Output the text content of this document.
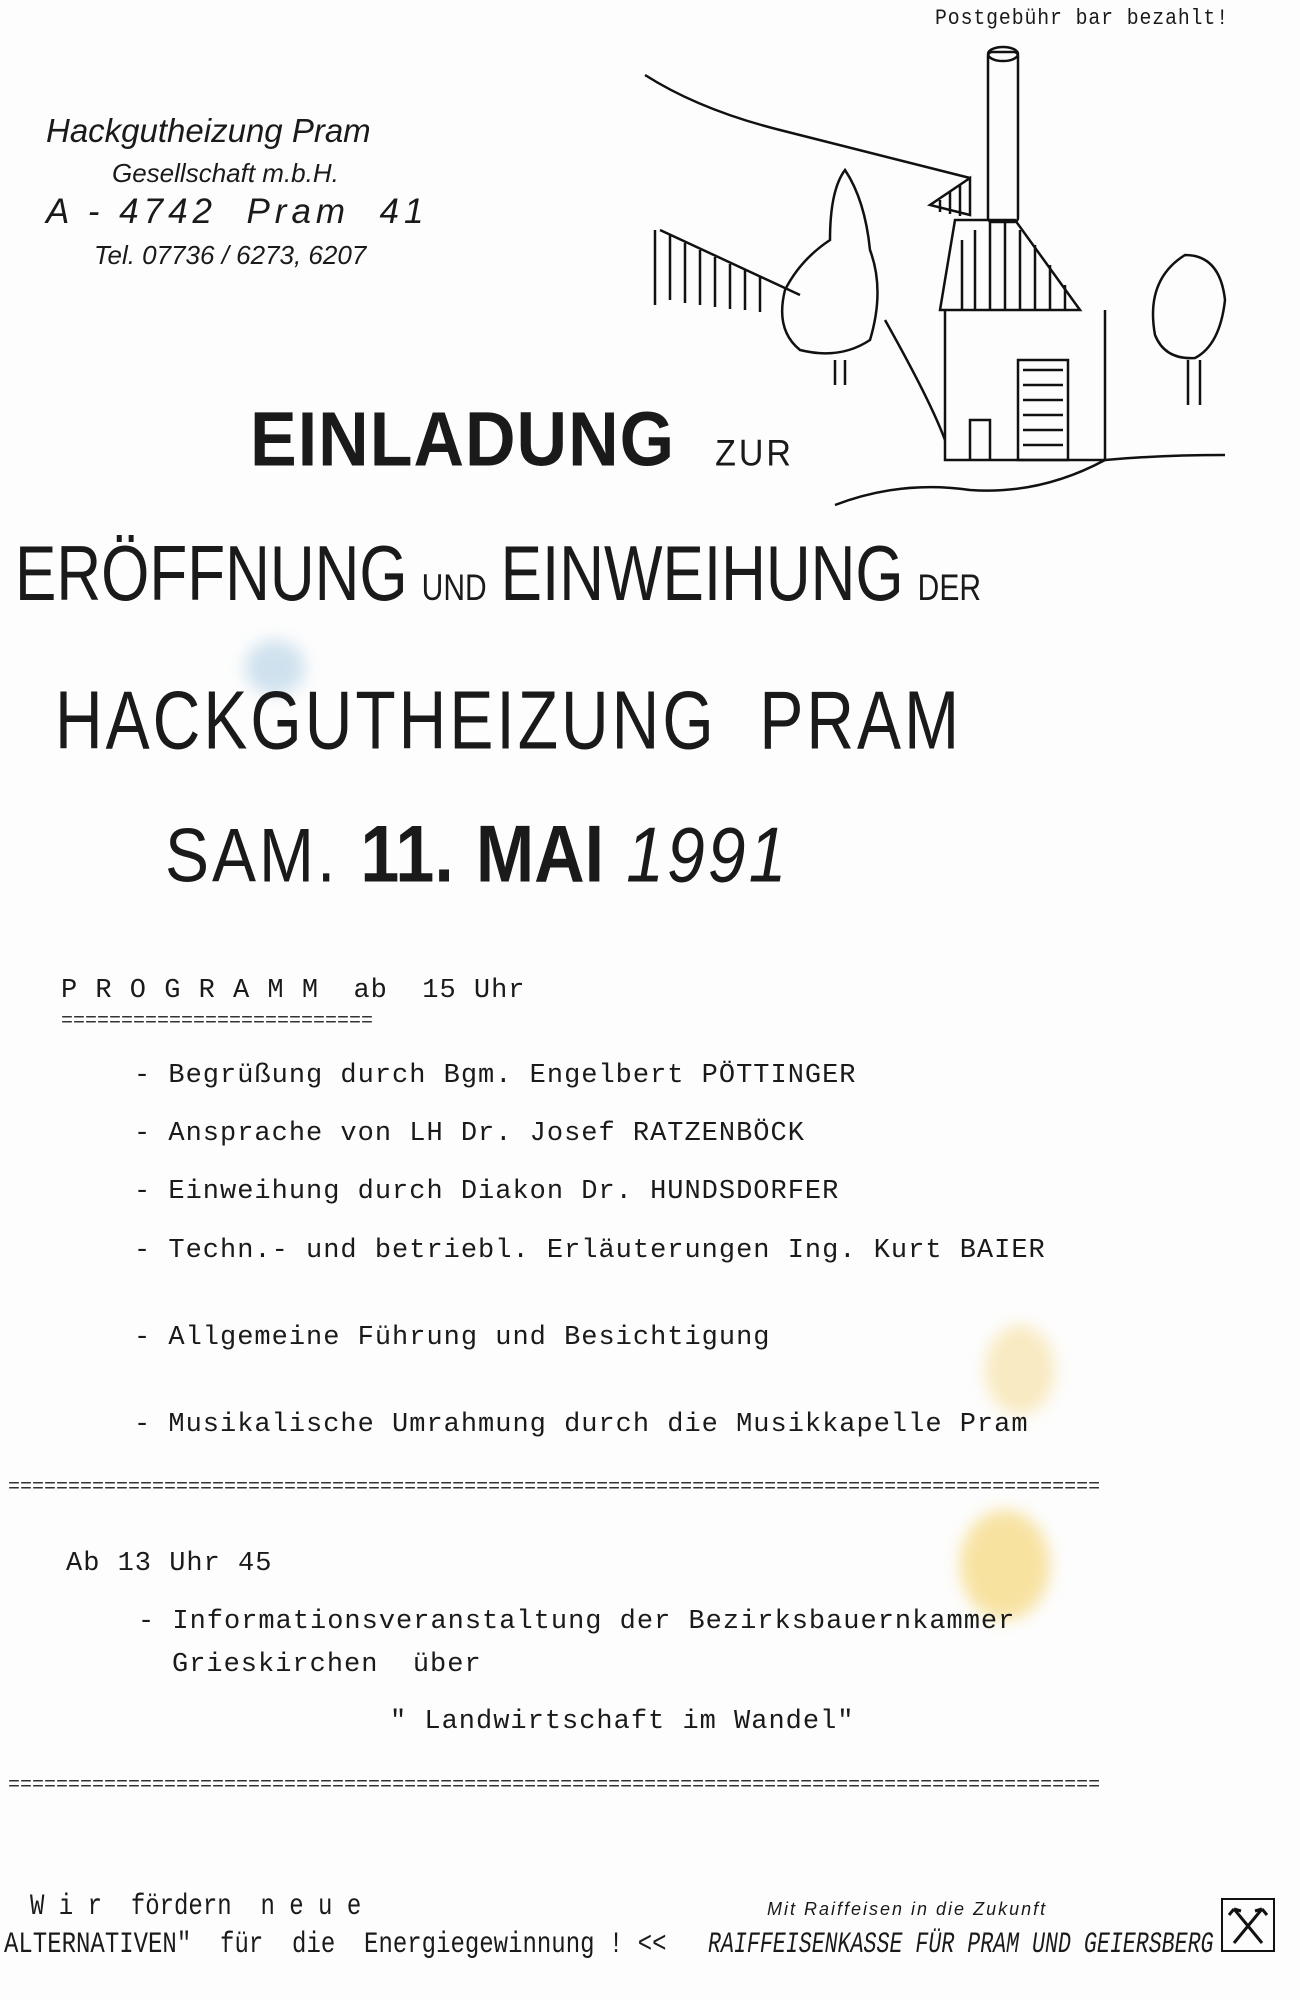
Postgebühr bar bezahlt!
Hackgutheizung Pram
Gesellschaft m.b.H.
A - 4742  Pram  41
Tel. 07736 / 6273, 6207
EINLADUNG ZUR
ERÖFFNUNG UND EINWEIHUNG DER
HACKGUTHEIZUNG  PRAM
SAM. 11. MAI 1991
P R O G R A M M  ab  15 Uhr
==========================
- Begrüßung durch Bgm. Engelbert PÖTTINGER
- Ansprache von LH Dr. Josef RATZENBÖCK
- Einweihung durch Diakon Dr. HUNDSDORFER
- Techn.- und betriebl. Erläuterungen Ing. Kurt BAIER
- Allgemeine Führung und Besichtigung
- Musikalische Umrahmung durch die Musikkapelle Pram
===========================================================================================
Ab 13 Uhr 45
- Informationsveranstaltung der Bezirksbauernkammer
Grieskirchen  über
" Landwirtschaft im Wandel"
===========================================================================================
W i r  fördern  n e u e
ALTERNATIVEN"  für  die  Energiegewinnung ! <<
Mit Raiffeisen in die Zukunft
RAIFFEISENKASSE FÜR PRAM UND GEIERSBERG
